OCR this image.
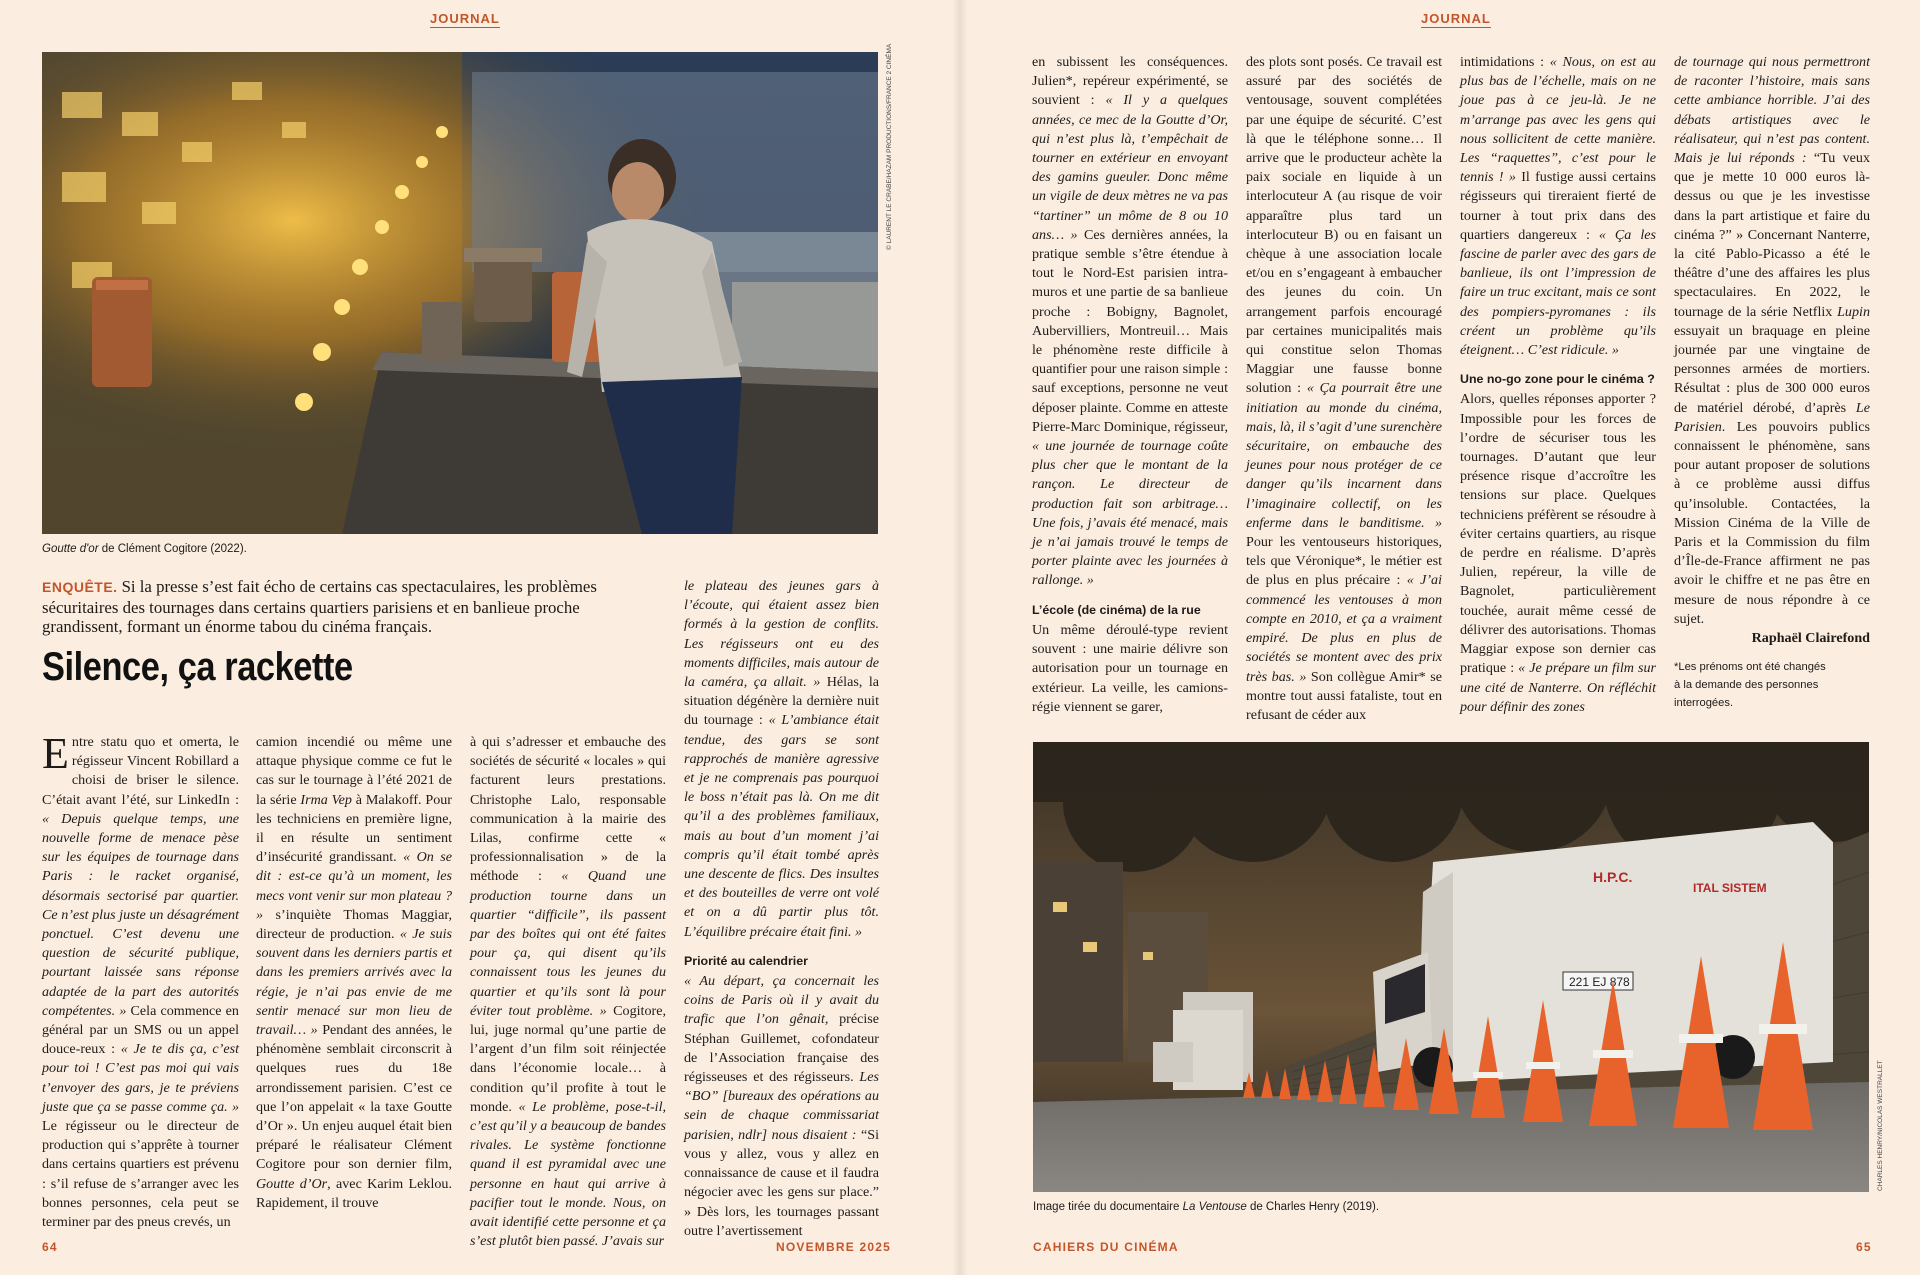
JOURNAL
© LAURENT LE CRABE/HAZAM PRODUCTIONS/FRANCE 2 CINÉMA
Goutte d'or de Clément Cogitore (2022).
ENQUÊTE. Si la presse s’est fait écho de certains cas spectaculaires, les problèmes sécuritaires des tournages dans certains quartiers parisiens et en banlieue proche grandissent, formant un énorme tabou du cinéma français.
Silence, ça rackette

Entre statu quo et omerta, le régisseur Vincent Robillard a choisi de briser le silence. C’était avant l’été, sur LinkedIn : « Depuis quelque temps, une nouvelle forme de menace pèse sur les équipes de tournage dans Paris : le racket organisé, désormais sectorisé par quartier. Ce n’est plus juste un désagrément ponctuel. C’est devenu une question de sécurité publique, pourtant laissée sans réponse adaptée de la part des autorités compétentes. » Cela commence en général par un SMS ou un appel douce-reux : « Je te dis ça, c’est pour toi ! C’est pas moi qui vais t’envoyer des gars, je te préviens juste que ça se passe comme ça. » Le régisseur ou le directeur de production qui s’apprête à tourner dans certains quartiers est prévenu : s’il refuse de s’arranger avec les bonnes personnes, cela peut se terminer par des pneus crevés, un

camion incendié ou même une attaque physique comme ce fut le cas sur le tournage à l’été 2021 de la série Irma Vep à Malakoff. Pour les techniciens en première ligne, il en résulte un sentiment d’insécurité grandissant. « On se dit : est-ce qu’à un moment, les mecs vont venir sur mon plateau ? » s’inquiète Thomas Maggiar, directeur de production. « Je suis souvent dans les derniers partis et dans les premiers arrivés avec la régie, je n’ai pas envie de me sentir menacé sur mon lieu de travail… » Pendant des années, le phénomène semblait circonscrit à quelques rues du 18e arrondissement parisien. C’est ce que l’on appelait « la taxe Goutte d’Or ». Un enjeu auquel était bien préparé le réalisateur Clément Cogitore pour son dernier film, Goutte d’Or, avec Karim Leklou. Rapidement, il trouve

à qui s’adresser et embauche des sociétés de sécurité « locales » qui facturent leurs prestations. Christophe Lalo, responsable communication à la mairie des Lilas, confirme cette « professionnalisation » de la méthode : « Quand une production tourne dans un quartier “difficile”, ils passent par des boîtes qui ont été faites pour ça, qui disent qu’ils connaissent tous les jeunes du quartier et qu’ils sont là pour éviter tout problème. » Cogitore, lui, juge normal qu’une partie de l’argent d’un film soit réinjectée dans l’économie locale… à condition qu’il profite à tout le monde. « Le problème, pose-t-il, c’est qu’il y a beaucoup de bandes rivales. Le système fonctionne quand il est pyramidal avec une personne en haut qui arrive à pacifier tout le monde. Nous, on avait identifié cette personne et ça s’est plutôt bien passé. J’avais sur

le plateau des jeunes gars à l’écoute, qui étaient assez bien formés à la gestion de conflits. Les régisseurs ont eu des moments difficiles, mais autour de la caméra, ça allait. » Hélas, la situation dégénère la dernière nuit du tournage : « L’ambiance était tendue, des gars se sont rapprochés de manière agressive et je ne comprenais pas pourquoi le boss n’était pas là. On me dit qu’il a des problèmes familiaux, mais au bout d’un moment j’ai compris qu’il était tombé après une descente de flics. Des insultes et des bouteilles de verre ont volé et on a dû partir plus tôt. L’équilibre précaire était fini. »

Priorité au calendrier

« Au départ, ça concernait les coins de Paris où il y avait du trafic que l’on gênait, précise Stéphan Guillemet, cofondateur de l’Association française des régisseuses et des régisseurs. Les “BO” [bureaux des opérations au sein de chaque commissariat parisien, ndlr] nous disaient : “Si vous y allez, vous y allez en connaissance de cause et il faudra négocier avec les gens sur place.” » Dès lors, les tournages passant outre l’avertissement

64	NOVEMBRE 2025
JOURNAL

en subissent les conséquences. Julien*, repéreur expérimenté, se souvient : « Il y a quelques années, ce mec de la Goutte d’Or, qui n’est plus là, t’empêchait de tourner en extérieur en envoyant des gamins gueuler. Donc même un vigile de deux mètres ne va pas “tartiner” un môme de 8 ou 10 ans… » Ces dernières années, la pratique semble s’être étendue à tout le Nord-Est parisien intra-muros et une partie de sa banlieue proche : Bobigny, Bagnolet, Aubervilliers, Montreuil… Mais le phénomène reste difficile à quantifier pour une raison simple : sauf exceptions, personne ne veut déposer plainte. Comme en atteste Pierre-Marc Dominique, régisseur, « une journée de tournage coûte plus cher que le montant de la rançon. Le directeur de production fait son arbitrage… Une fois, j’avais été menacé, mais je n’ai jamais trouvé le temps de porter plainte avec les journées à rallonge. »

L’école (de cinéma) de la rue

Un même déroulé-type revient souvent : une mairie délivre son autorisation pour un tournage en extérieur. La veille, les camions-régie viennent se garer,

des plots sont posés. Ce travail est assuré par des sociétés de ventousage, souvent complétées par une équipe de sécurité. C’est là que le téléphone sonne… Il arrive que le producteur achète la paix sociale en liquide à un interlocuteur A (au risque de voir apparaître plus tard un interlocuteur B) ou en faisant un chèque à une association locale et/ou en s’engageant à embaucher des jeunes du coin. Un arrangement parfois encouragé par certaines municipalités mais qui constitue selon Thomas Maggiar une fausse bonne solution : « Ça pourrait être une initiation au monde du cinéma, mais, là, il s’agit d’une surenchère sécuritaire, on embauche des jeunes pour nous protéger de ce danger qu’ils incarnent dans l’imaginaire collectif, on les enferme dans le banditisme. » Pour les ventouseurs historiques, tels que Véronique*, le métier est de plus en plus précaire : « J’ai commencé les ventouses à mon compte en 2010, et ça a vraiment empiré. De plus en plus de sociétés se montent avec des prix très bas. » Son collègue Amir* se montre tout aussi fataliste, tout en refusant de céder aux

intimidations : « Nous, on est au plus bas de l’échelle, mais on ne joue pas à ce jeu-là. Je ne m’arrange pas avec les gens qui nous sollicitent de cette manière. Les “raquettes”, c’est pour le tennis ! » Il fustige aussi certains régisseurs qui tireraient fierté de tourner à tout prix dans des quartiers dangereux : « Ça les fascine de parler avec des gars de banlieue, ils ont l’impression de faire un truc excitant, mais ce sont des pompiers-pyromanes : ils créent un problème qu’ils éteignent… C’est ridicule. »

Une no-go zone pour le cinéma ?

Alors, quelles réponses apporter ? Impossible pour les forces de l’ordre de sécuriser tous les tournages. D’autant que leur présence risque d’accroître les tensions sur place. Quelques techniciens préfèrent se résoudre à éviter certains quartiers, au risque de perdre en réalisme. D’après Julien, repéreur, la ville de Bagnolet, particulièrement touchée, aurait même cessé de délivrer des autorisations. Thomas Maggiar expose son dernier cas pratique : « Je prépare un film sur une cité de Nanterre. On réfléchit pour définir des zones

de tournage qui nous permettront de raconter l’histoire, mais sans cette ambiance horrible. J’ai des débats artistiques avec le réalisateur, qui n’est pas content. Mais je lui réponds : “Tu veux que je mette 10 000 euros là-dessus ou que je les investisse dans la part artistique et faire du cinéma ?” » Concernant Nanterre, la cité Pablo-Picasso a été le théâtre d’une des affaires les plus spectaculaires. En 2022, le tournage de la série Netflix Lupin essuyait un braquage en pleine journée par une vingtaine de personnes armées de mortiers. Résultat : plus de 300 000 euros de matériel dérobé, d’après Le Parisien. Les pouvoirs publics connaissent le phénomène, sans pour autant proposer de solutions à ce problème aussi diffus qu’insoluble. Contactées, la Mission Cinéma de la Ville de Paris et la Commission du film d’Île-de-France affirment ne pas avoir le chiffre et ne pas être en mesure de nous répondre à ce sujet.

Raphaël Clairefond

*Les prénoms ont été changés
à la demande des personnes interrogées.
221 EJ 878
H.P.C.
ITAL SISTEM
CHARLES HENRY/NICOLAS WESTRALLET
Image tirée du documentaire La Ventouse de Charles Henry (2019).
CAHIERS DU CINÉMA	65
